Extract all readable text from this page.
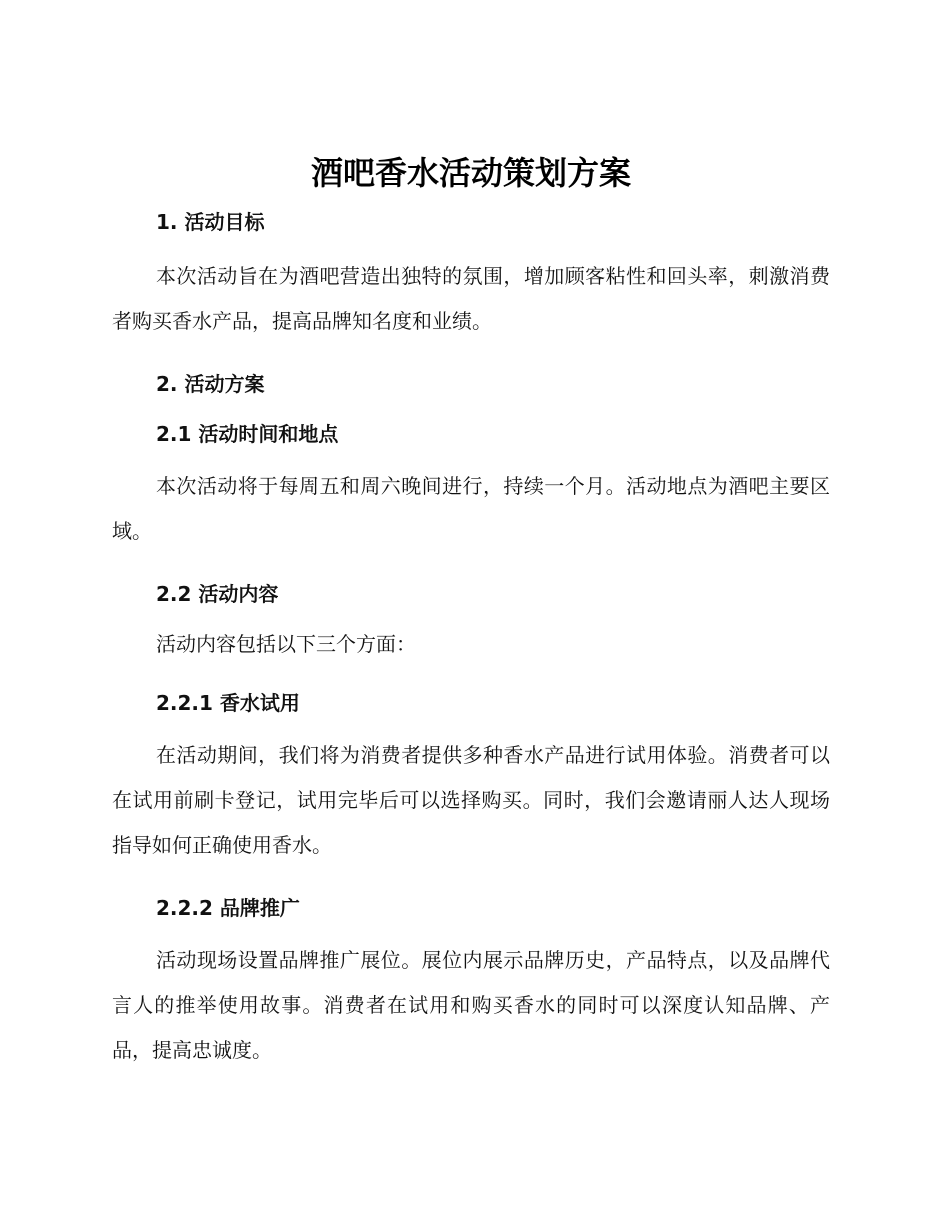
酒吧香水活动策划方案
1. 活动目标

本次活动旨在为酒吧营造出独特的氛围，增加顾客粘性和回头率，刺激消费者购买香水产品，提高品牌知名度和业绩。

2. 活动方案
2.1 活动时间和地点

本次活动将于每周五和周六晚间进行，持续一个月。活动地点为酒吧主要区域。

2.2 活动内容

活动内容包括以下三个方面：

2.2.1 香水试用

在活动期间，我们将为消费者提供多种香水产品进行试用体验。消费者可以在试用前刷卡登记，试用完毕后可以选择购买。同时，我们会邀请丽人达人现场指导如何正确使用香水。

2.2.2 品牌推广

活动现场设置品牌推广展位。展位内展示品牌历史，产品特点，以及品牌代言人的推举使用故事。消费者在试用和购买香水的同时可以深度认知品牌、产品，提高忠诚度。
